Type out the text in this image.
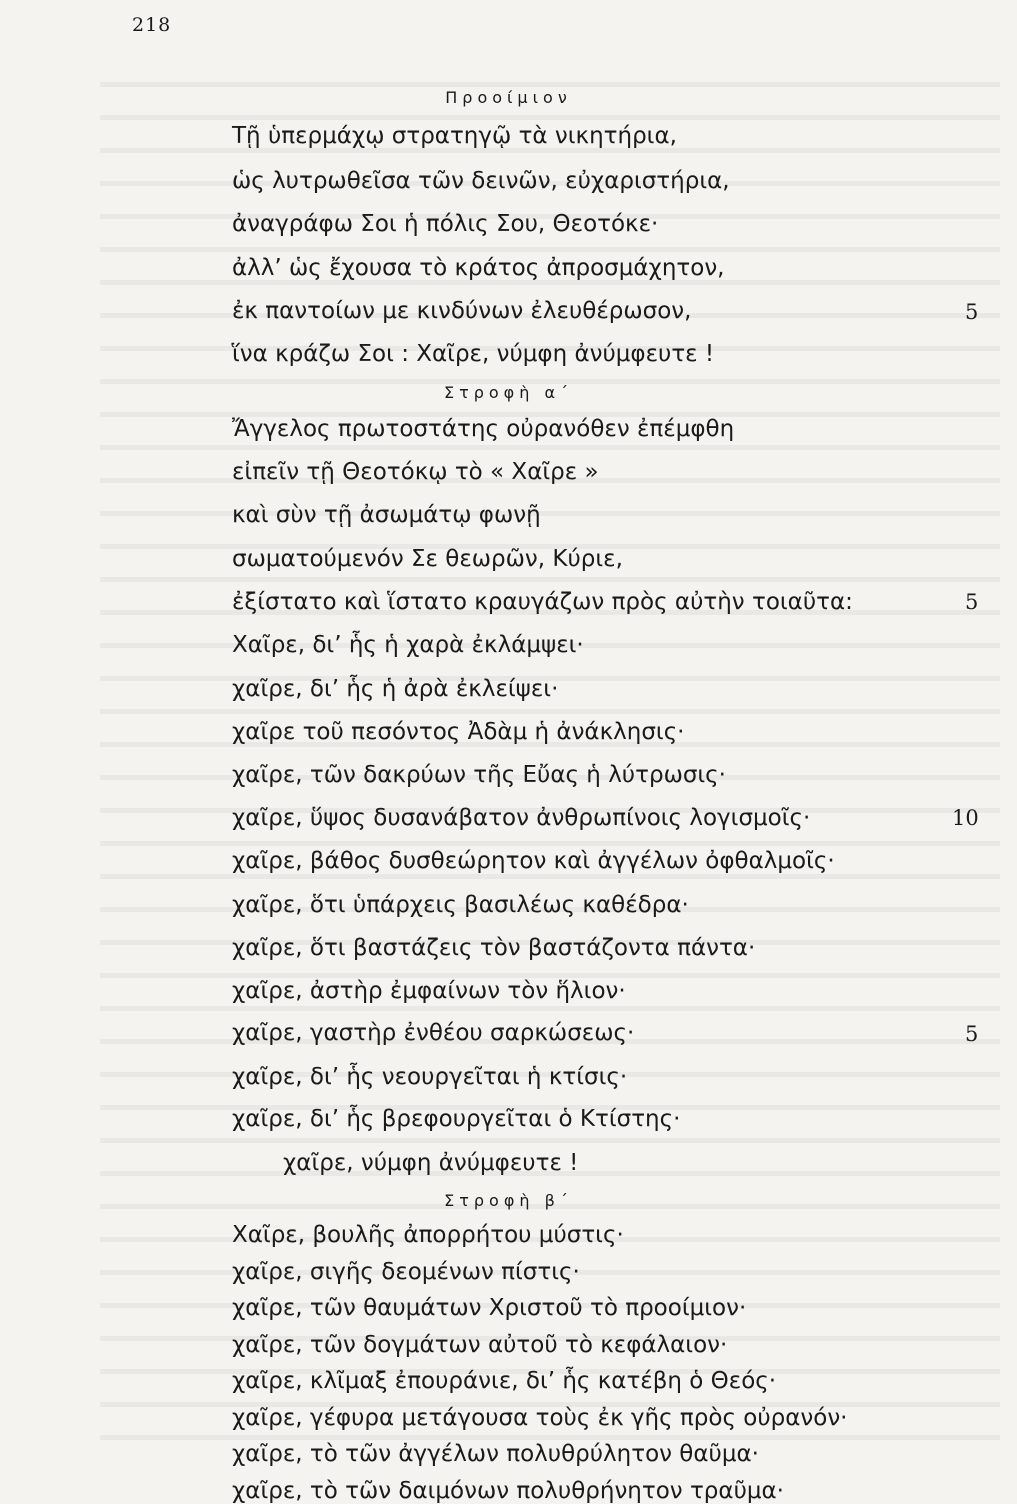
218
Προοίμιον
Τῇ ὑπερμάχῳ στρατηγῷ τὰ νικητήρια,
ὡς λυτρωθεῖσα τῶν δεινῶν, εὐχαριστήρια,
ἀναγράφω Σοι ἡ πόλις Σου, Θεοτόκε·
ἀλλ’ ὡς ἔχουσα τὸ κράτος ἀπροσμάχητον,
ἐκ παντοίων με κινδύνων ἐλευθέρωσον,	5
ἵνα κράζω Σοι : Χαῖρε, νύμφη ἀνύμφευτε !
Στροφὴ α΄
Ἄγγελος πρωτοστάτης οὐρανόθεν ἐπέμφθη
εἰπεῖν τῇ Θεοτόκῳ τὸ « Χαῖρε »
καὶ σὺν τῇ ἀσωμάτῳ φωνῇ
σωματούμενόν Σε θεωρῶν, Κύριε,
ἐξίστατο καὶ ἵστατο κραυγάζων πρὸς αὐτὴν τοιαῦτα:	5
Χαῖρε, δι’ ἧς ἡ χαρὰ ἐκλάμψει·
χαῖρε, δι’ ἧς ἡ ἀρὰ ἐκλείψει·
χαῖρε τοῦ πεσόντος Ἀδὰμ ἡ ἀνάκλησις·
χαῖρε, τῶν δακρύων τῆς Εὔας ἡ λύτρωσις·
χαῖρε, ὕψος δυσανάβατον ἀνθρωπίνοις λογισμοῖς·	10
χαῖρε, βάθος δυσθεώρητον καὶ ἀγγέλων ὀφθαλμοῖς·
χαῖρε, ὅτι ὑπάρχεις βασιλέως καθέδρα·
χαῖρε, ὅτι βαστάζεις τὸν βαστάζοντα πάντα·
χαῖρε, ἀστὴρ ἐμφαίνων τὸν ἥλιον·
χαῖρε, γαστὴρ ἐνθέου σαρκώσεως·	5
χαῖρε, δι’ ἧς νεουργεῖται ἡ κτίσις·
χαῖρε, δι’ ἧς βρεφουργεῖται ὁ Κτίστης·
χαῖρε, νύμφη ἀνύμφευτε !
Στροφὴ β΄
Χαῖρε, βουλῆς ἀπορρήτου μύστις·
χαῖρε, σιγῆς δεομένων πίστις·
χαῖρε, τῶν θαυμάτων Χριστοῦ τὸ προοίμιον·
χαῖρε, τῶν δογμάτων αὐτοῦ τὸ κεφάλαιον·
χαῖρε, κλῖμαξ ἐπουράνιε, δι’ ἧς κατέβη ὁ Θεός·
χαῖρε, γέφυρα μετάγουσα τοὺς ἐκ γῆς πρὸς οὐρανόν·
χαῖρε, τὸ τῶν ἀγγέλων πολυθρύλητον θαῦμα·
χαῖρε, τὸ τῶν δαιμόνων πολυθρήνητον τραῦμα·
